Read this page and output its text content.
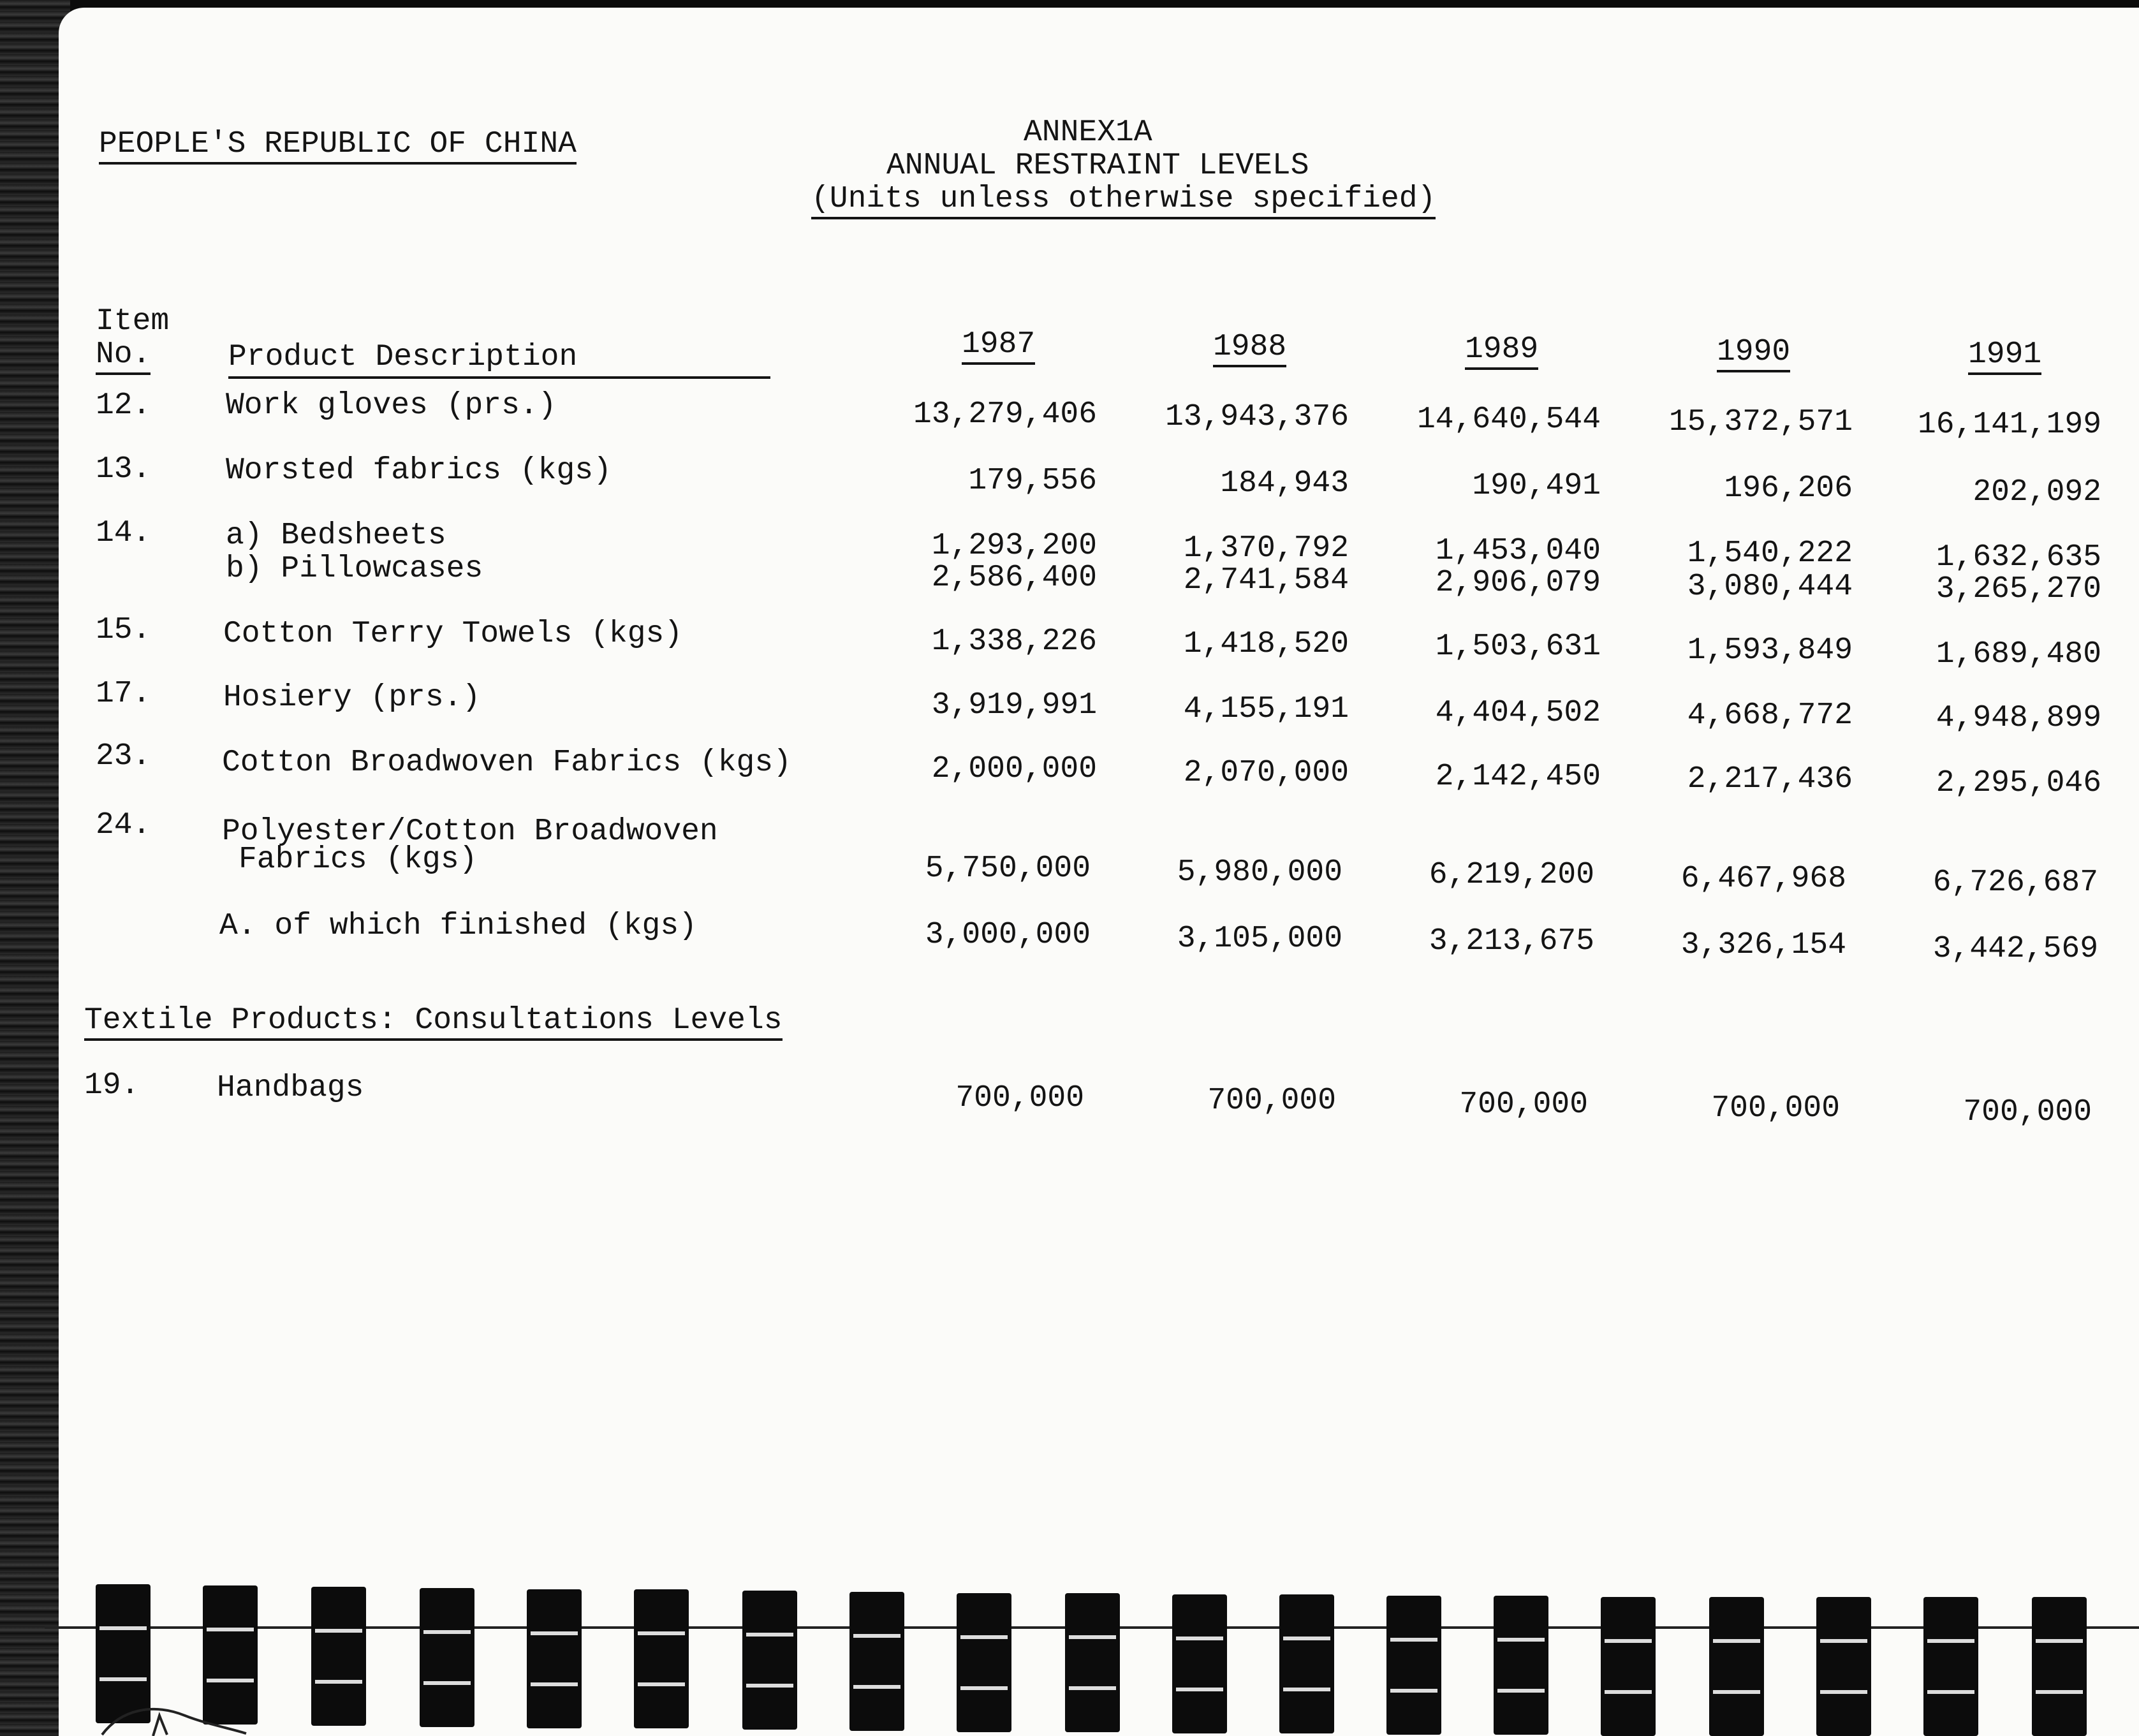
PEOPLE'S REPUBLIC OF CHINA	ANNEX1A
ANNUAL RESTRAINT LEVELS
(Units unless otherwise specified)
Item
No.	Product Description	1987	1988	1989	1990	1991
12. Work gloves (prs.)	13,279,406	13,943,376	14,640,544	15,372,571	16,141,199
13. Worsted fabrics (kgs)	179,556	184,943	190,491	196,206	202,092
14. a) Bedsheets	1,293,200	1,370,792	1,453,040	1,540,222	1,632,635
b) Pillowcases	2,586,400	2,741,584	2,906,079	3,080,444	3,265,270
15. Cotton Terry Towels (kgs)	1,338,226	1,418,520	1,503,631	1,593,849	1,689,480
17. Hosiery (prs.)	3,919,991	4,155,191	4,404,502	4,668,772	4,948,899
23. Cotton Broadwoven Fabrics (kgs)	2,000,000	2,070,000	2,142,450	2,217,436	2,295,046
24. Polyester/Cotton Broadwoven
Fabrics (kgs)	5,750,000	5,980,000	6,219,200	6,467,968	6,726,687
A. of which finished (kgs)	3,000,000	3,105,000	3,213,675	3,326,154	3,442,569
Textile Products: Consultations Levels
19.	Handbags	700,000	700,000	700,000	700,000	700,000
